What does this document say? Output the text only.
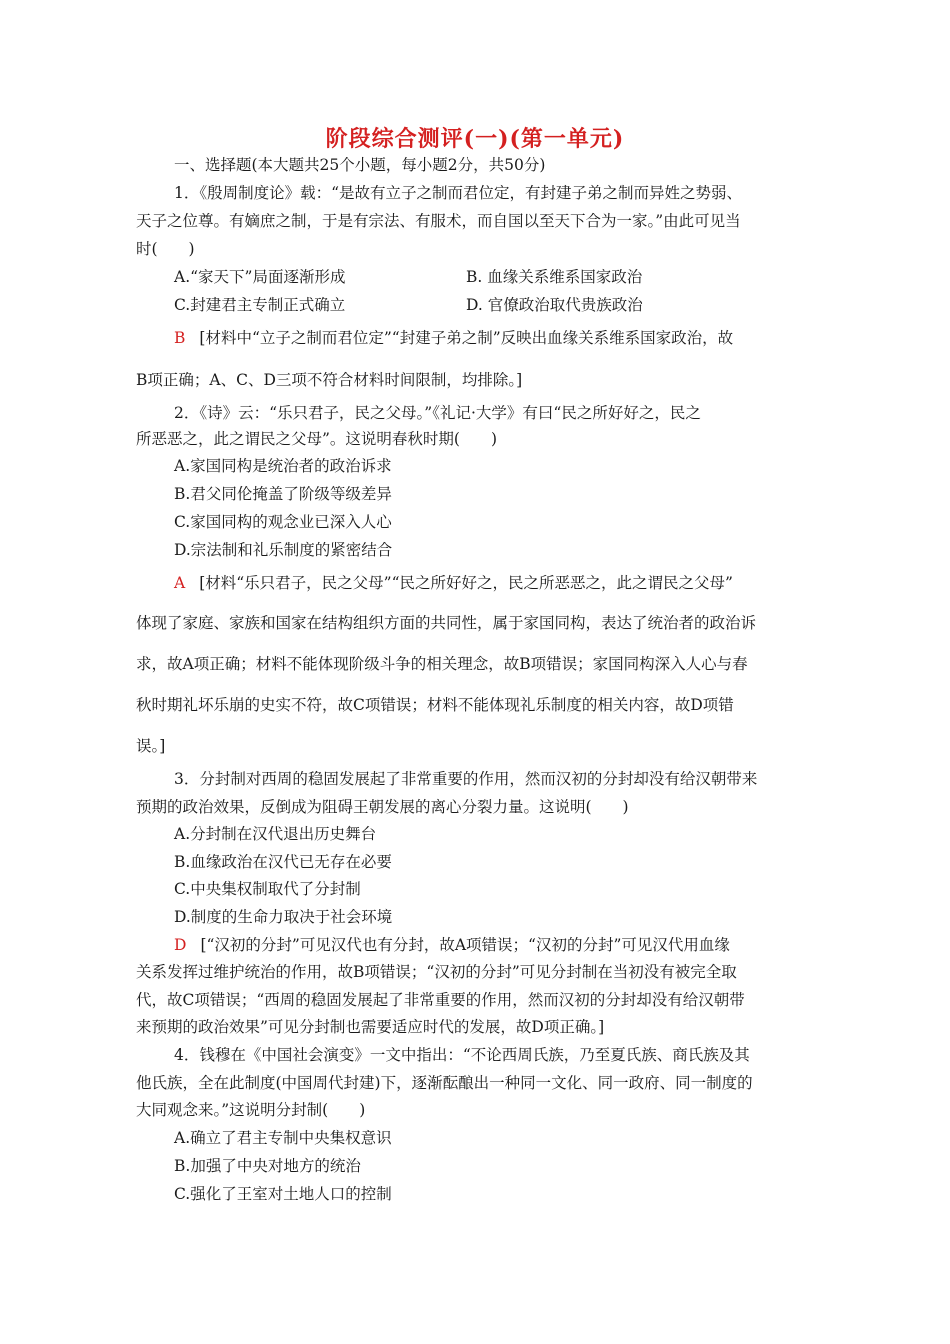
阶段综合测评(一)(第一单元)
一、选择题(本大题共25个小题，每小题2分，共50分)
1．《殷周制度论》载：“是故有立子之制而君位定，有封建子弟之制而异姓之势弱、
天子之位尊。有嫡庶之制，于是有宗法、有服术，而自国以至天下合为一家。”由此可见当
时(　　)
A.“家天下”局面逐渐形成	B. 血缘关系维系国家政治
C.封建君主专制正式确立	D. 官僚政治取代贵族政治
B [材料中“立子之制而君位定”“封建子弟之制”反映出血缘关系维系国家政治，故
B项正确；A、C、D三项不符合材料时间限制，均排除。]
2．《诗》云：“乐只君子，民之父母。”《礼记·大学》有曰“民之所好好之，民之
所恶恶之，此之谓民之父母”。这说明春秋时期(　　)
A.家国同构是统治者的政治诉求
B.君父同伦掩盖了阶级等级差异
C.家国同构的观念业已深入人心
D.宗法制和礼乐制度的紧密结合
A [材料“乐只君子，民之父母”“民之所好好之，民之所恶恶之，此之谓民之父母”
体现了家庭、家族和国家在结构组织方面的共同性，属于家国同构，表达了统治者的政治诉
求，故A项正确；材料不能体现阶级斗争的相关理念，故B项错误；家国同构深入人心与春
秋时期礼坏乐崩的史实不符，故C项错误；材料不能体现礼乐制度的相关内容，故D项错
误。]
3．分封制对西周的稳固发展起了非常重要的作用，然而汉初的分封却没有给汉朝带来
预期的政治效果，反倒成为阻碍王朝发展的离心分裂力量。这说明(　　)
A.分封制在汉代退出历史舞台
B.血缘政治在汉代已无存在必要
C.中央集权制取代了分封制
D.制度的生命力取决于社会环境
D [“汉初的分封”可见汉代也有分封，故A项错误；“汉初的分封”可见汉代用血缘
关系发挥过维护统治的作用，故B项错误；“汉初的分封”可见分封制在当初没有被完全取
代，故C项错误；“西周的稳固发展起了非常重要的作用，然而汉初的分封却没有给汉朝带
来预期的政治效果”可见分封制也需要适应时代的发展，故D项正确。]
4．钱穆在《中国社会演变》一文中指出：“不论西周氏族，乃至夏氏族、商氏族及其
他氏族，全在此制度(中国周代封建)下，逐渐酝酿出一种同一文化、同一政府、同一制度的
大同观念来。”这说明分封制(　　)
A.确立了君主专制中央集权意识
B.加强了中央对地方的统治
C.强化了王室对土地人口的控制
